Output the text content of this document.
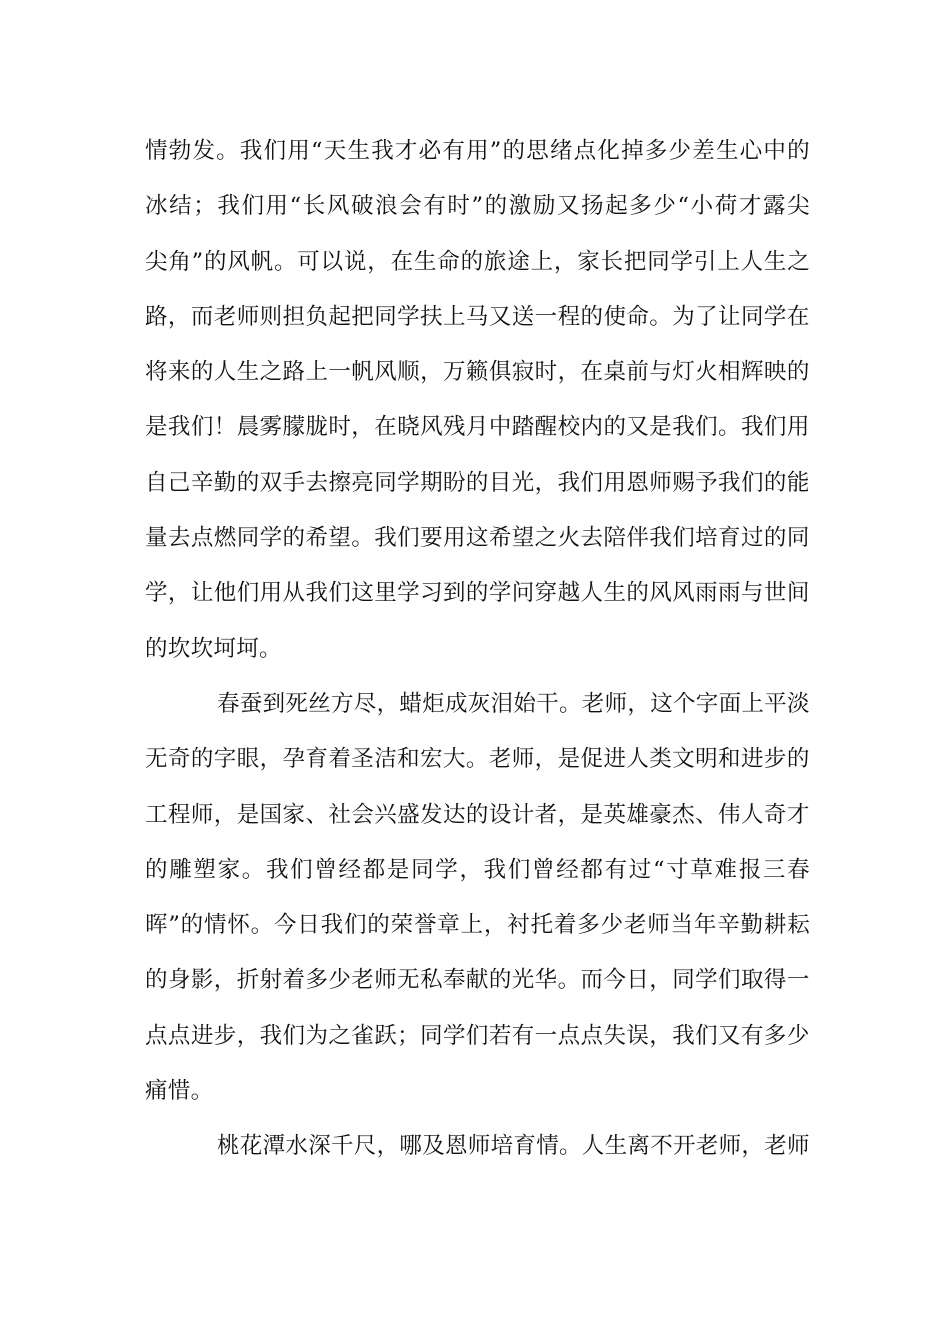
情 勃 发 。 我 们 用 “ 天 生 我 才 必 有 用 ” 的 思 绪 点 化 掉 多 少 差 生 心 中 的
冰 结 ； 我 们 用 “ 长 风 破 浪 会 有 时 ” 的 激 励 又 扬 起 多 少 “ 小 荷 才 露 尖
尖 角 ” 的 风 帆 。 可 以 说 ， 在 生 命 的 旅 途 上 ， 家 长 把 同 学 引 上 人 生 之
路 ， 而 老 师 则 担 负 起 把 同 学 扶 上 马 又 送 一 程 的 使 命 。 为 了 让 同 学 在
将 来 的 人 生 之 路 上 一 帆 风 顺 ， 万 籁 俱 寂 时 ， 在 桌 前 与 灯 火 相 辉 映 的
是 我 们 ！ 晨 雾 朦 胧 时 ， 在 晓 风 残 月 中 踏 醒 校 内 的 又 是 我 们 。 我 们 用
自 己 辛 勤 的 双 手 去 擦 亮 同 学 期 盼 的 目 光 ， 我 们 用 恩 师 赐 予 我 们 的 能
量 去 点 燃 同 学 的 希 望 。 我 们 要 用 这 希 望 之 火 去 陪 伴 我 们 培 育 过 的 同
学 ， 让 他 们 用 从 我 们 这 里 学 习 到 的 学 问 穿 越 人 生 的 风 风 雨 雨 与 世 间
的坎坎坷坷。
春蚕到死丝方尽，蜡炬成灰泪始干。老师，这个字面上平淡
无 奇 的 字 眼 ， 孕 育 着 圣 洁 和 宏 大 。 老 师 ， 是 促 进 人 类 文 明 和 进 步 的
工 程 师 ， 是 国 家 、 社 会 兴 盛 发 达 的 设 计 者 ， 是 英 雄 豪 杰 、 伟 人 奇 才
的 雕 塑 家 。 我 们 曾 经 都 是 同 学 ， 我 们 曾 经 都 有 过 “ 寸 草 难 报 三 春
晖 ” 的 情 怀 。 今 日 我 们 的 荣 誉 章 上 ， 衬 托 着 多 少 老 师 当 年 辛 勤 耕 耘
的 身 影 ， 折 射 着 多 少 老 师 无 私 奉 献 的 光 华 。 而 今 日 ， 同 学 们 取 得 一
点 点 进 步 ， 我 们 为 之 雀 跃 ； 同 学 们 若 有 一 点 点 失 误 ， 我 们 又 有 多 少
痛惜。
桃花潭水深千尺，哪及恩师培育情。人生离不开老师，老师
